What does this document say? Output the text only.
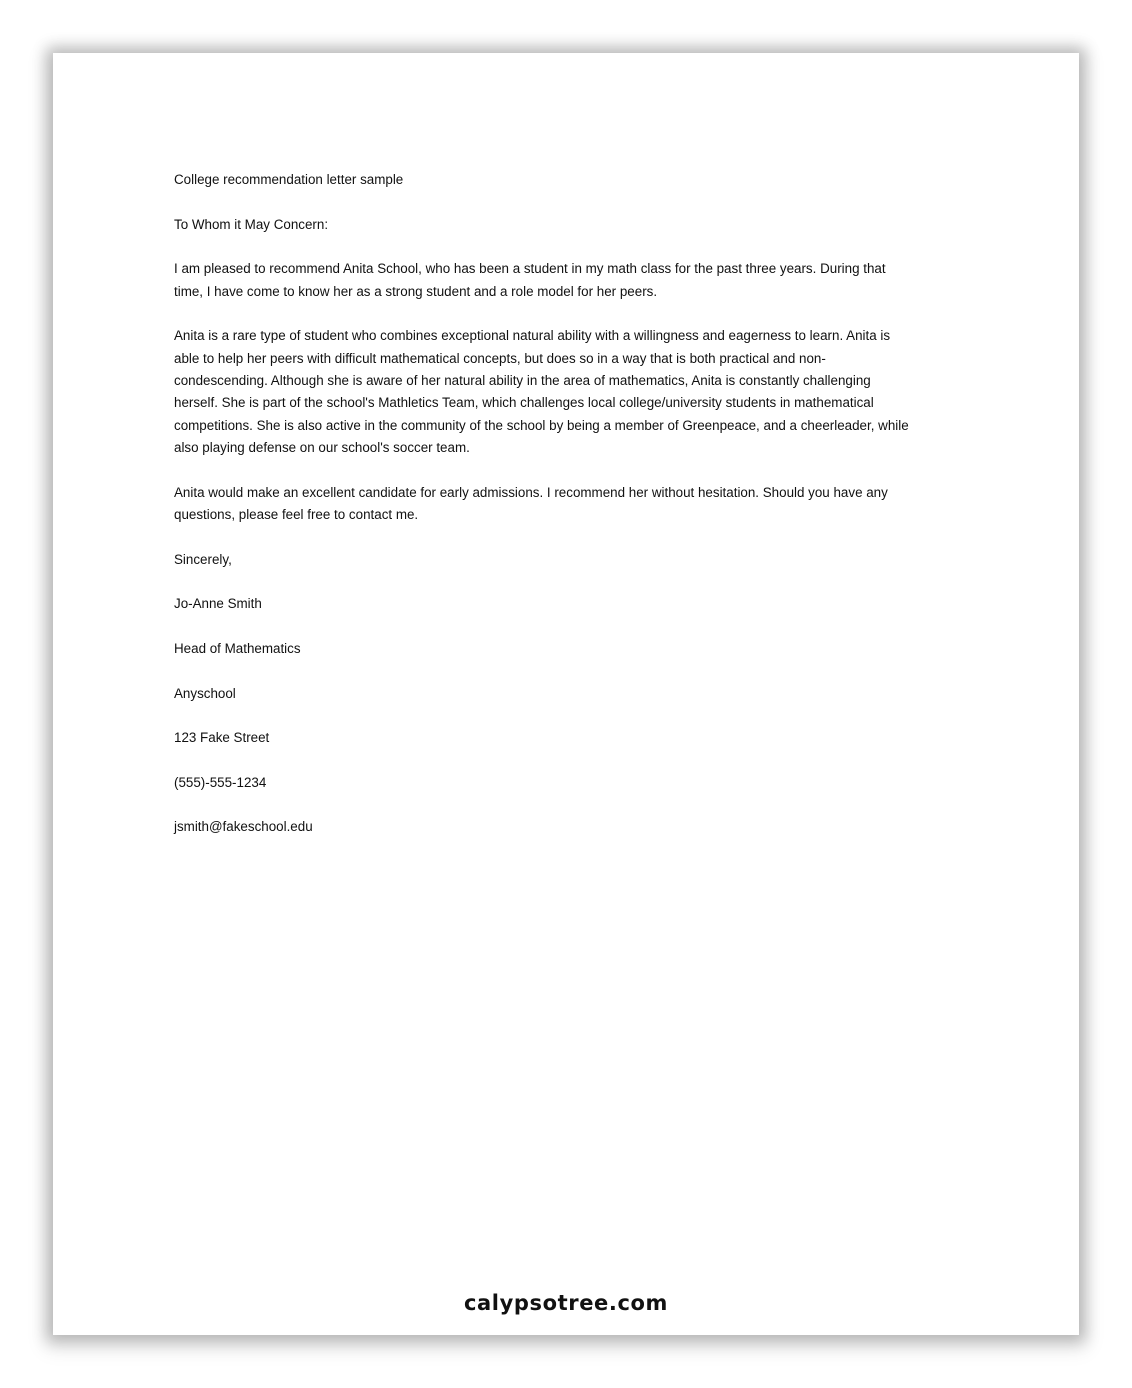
College recommendation letter sample

To Whom it May Concern:

I am pleased to recommend Anita School, who has been a student in my math class for the past three years. During that time, I have come to know her as a strong student and a role model for her peers.

Anita is a rare type of student who combines exceptional natural ability with a willingness and eagerness to learn. Anita is able to help her peers with difficult mathematical concepts, but does so in a way that is both practical and non-condescending. Although she is aware of her natural ability in the area of mathematics, Anita is constantly challenging herself. She is part of the school's Mathletics Team, which challenges local college/university students in mathematical competitions. She is also active in the community of the school by being a member of Greenpeace, and a cheerleader, while also playing defense on our school's soccer team.

Anita would make an excellent candidate for early admissions. I recommend her without hesitation. Should you have any questions, please feel free to contact me.

Sincerely,

Jo-Anne Smith

Head of Mathematics

Anyschool

123 Fake Street

(555)-555-1234

jsmith@fakeschool.edu

calypsotree.com
